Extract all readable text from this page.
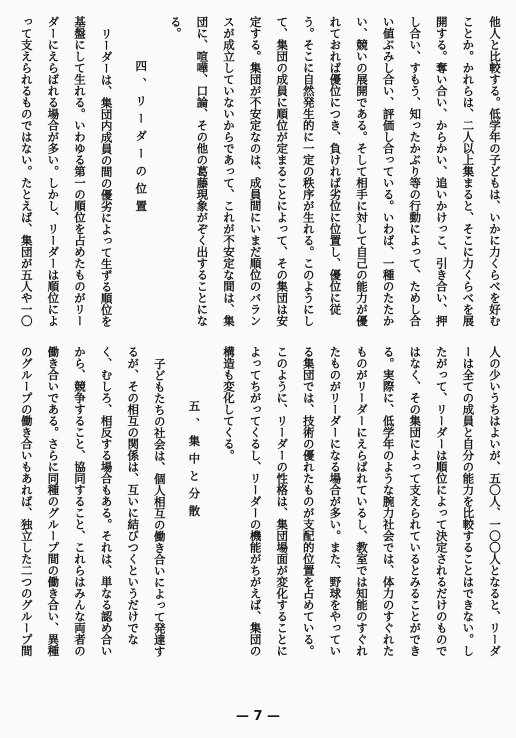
— 7 —
他人と比較する。低学年の子どもは、いかに力くらべを好む
ことか。かれらは、二人以上集まると、そこに力くらべを展
開する。奪い合い、からかい、追いかけっこ、引き合い、押
し合い、すもう、知ったかぶり等の行動によって、ためし合
い値ぶみし合い、評価し合っている。いわば、一種のたたか
い、競いの展開である。そして相手に対して自己の能力が優
れておれば優位につき、負ければ劣位に位置し、優位に従
う。そこに自然発生的に一定の秩序が生れる。このようにし
て、集団の成員に順位が定まることによって、その集団は安
定する。集団が不安定なのは、成員間にいまだ順位のバラン
スが成立していないからであって、これが不安定な間は、集
団に、喧嘩、口論、その他の葛藤現象がぞく出することにな
る。
四、リーダーの位置
リーダーは、集団内成員の間の優劣によって生ずる順位を
基盤にして生れる。いわゆる第一の順位を占めたものがリー
ダーにえらばれる場合が多い。しかし、リーダーは順位によ
って支えられるものではない。たとえば、集団が五人や一〇
人の少いうちはよいが、五〇人、一〇〇人となると、リーダ
ーは全ての成員と自分の能力を比較することはできない。し
たがって、リーダーは順位によって決定されるだけのもので
はなく、その集団によって支えられているとみることができ
る。実際に、低学年のような腕力社会では、体力のすぐれた
ものがリーダーにえらばれているし、教室では知能のすぐれ
たものがリーダーになる場合が多い。また、野球をやってい
る集団では、技術の優れたものが支配的位置を占めている。
このように、リーダーの性格は、集団場面が変化することに
よってちがってくるし、リーダーの機能がちがえば、集団の
構造も変化してくる。
五、集中と分散
子どもたちの社会は、個人相互の働き合いによって発達す
るが、その相互の関係は、互いに結びつくというだけでな
く、むしろ、相反する場合もある。それは、単なる認め合い
から、競争すること、協同すること、これらはみんな両者の
働き合いである。さらに同種のグループ間の働き合い、異種
のグループの働き合いもあれば、独立した二つのグループ間
